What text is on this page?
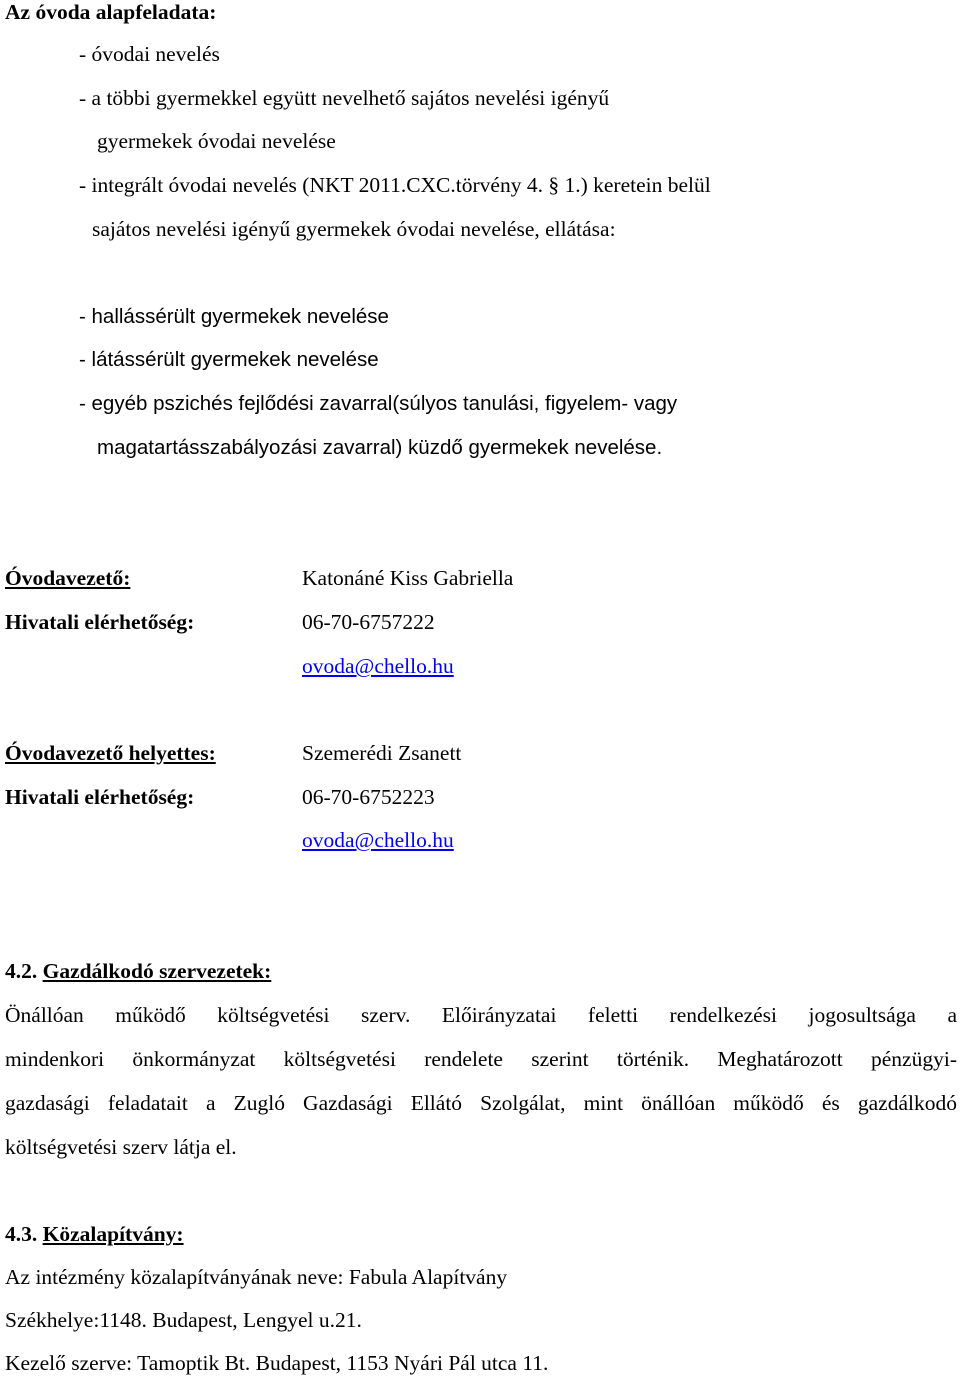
Az óvoda alapfeladata:
- óvodai nevelés
- a többi gyermekkel együtt nevelhető sajátos nevelési igényű
gyermekek óvodai nevelése
- integrált óvodai nevelés (NKT 2011.CXC.törvény 4. § 1.) keretein belül
sajátos nevelési igényű gyermekek óvodai nevelése, ellátása:
- hallássérült gyermekek nevelése
- látássérült gyermekek nevelése
- egyéb pszichés fejlődési zavarral(súlyos tanulási, figyelem- vagy
magatartásszabályozási zavarral) küzdő gyermekek nevelése.
Óvodavezető:	Katonáné Kiss Gabriella
Hivatali elérhetőség:	06-70-6757222
ovoda@chello.hu
Óvodavezető helyettes:	Szemerédi Zsanett
Hivatali elérhetőség:	06-70-6752223
ovoda@chello.hu
4.2. Gazdálkodó szervezetek:
Önállóan működő költségvetési szerv. Előirányzatai feletti rendelkezési jogosultsága a
mindenkori önkormányzat költségvetési rendelete szerint történik. Meghatározott pénzügyi-
gazdasági feladatait a Zugló Gazdasági Ellátó Szolgálat, mint önállóan működő és gazdálkodó
költségvetési szerv látja el.
4.3. Közalapítvány:
Az intézmény közalapítványának neve: Fabula Alapítvány
Székhelye:1148. Budapest, Lengyel u.21.
Kezelő szerve: Tamoptik Bt. Budapest, 1153 Nyári Pál utca 11.
